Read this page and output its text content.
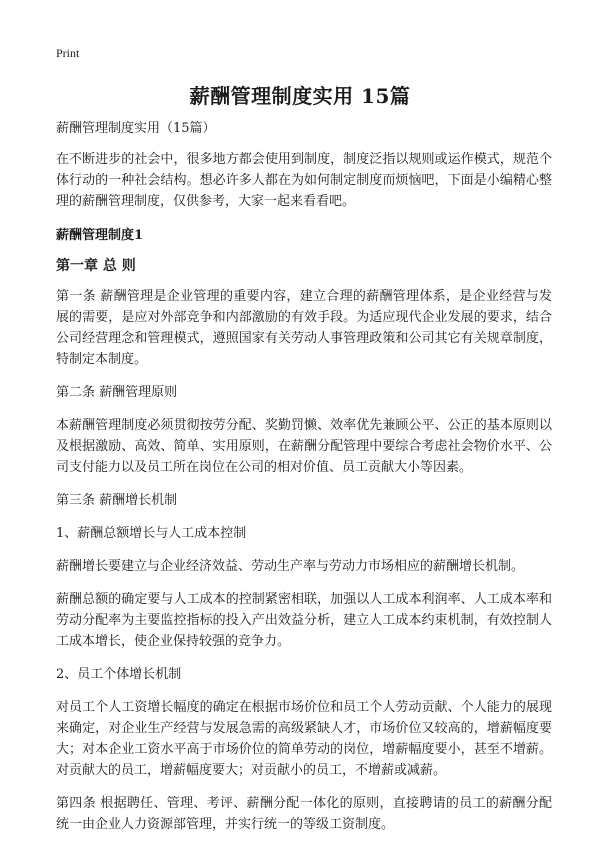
Print
薪酬管理制度实用 15篇

薪酬管理制度实用（15篇）

在不断进步的社会中，很多地方都会使用到制度，制度泛指以规则或运作模式，规范个体行动的一种社会结构。想必许多人都在为如何制定制度而烦恼吧，下面是小编精心整理的薪酬管理制度，仅供参考，大家一起来看看吧。

薪酬管理制度1
第一章 总 则

第一条 薪酬管理是企业管理的重要内容，建立合理的薪酬管理体系，是企业经营与发展的需要，是应对外部竞争和内部激励的有效手段。为适应现代企业发展的要求，结合公司经营理念和管理模式，遵照国家有关劳动人事管理政策和公司其它有关规章制度，特制定本制度。

第二条 薪酬管理原则

本薪酬管理制度必须贯彻按劳分配、奖勤罚懒、效率优先兼顾公平、公正的基本原则以及根据激励、高效、简单、实用原则，在薪酬分配管理中要综合考虑社会物价水平、公司支付能力以及员工所在岗位在公司的相对价值、员工贡献大小等因素。

第三条 薪酬增长机制

1、薪酬总额增长与人工成本控制

薪酬增长要建立与企业经济效益、劳动生产率与劳动力市场相应的薪酬增长机制。

薪酬总额的确定要与人工成本的控制紧密相联，加强以人工成本利润率、人工成本率和劳动分配率为主要监控指标的投入产出效益分析，建立人工成本约束机制，有效控制人工成本增长，使企业保持较强的竞争力。

2、员工个体增长机制

对员工个人工资增长幅度的确定在根据市场价位和员工个人劳动贡献、个人能力的展现来确定，对企业生产经营与发展急需的高级紧缺人才，市场价位又较高的，增薪幅度要大；对本企业工资水平高于市场价位的简单劳动的岗位，增薪幅度要小，甚至不增薪。对贡献大的员工，增薪幅度要大；对贡献小的员工，不增薪或减薪。

第四条 根据聘任、管理、考评、薪酬分配一体化的原则，直接聘请的员工的薪酬分配统一由企业人力资源部管理，并实行统一的等级工资制度。
